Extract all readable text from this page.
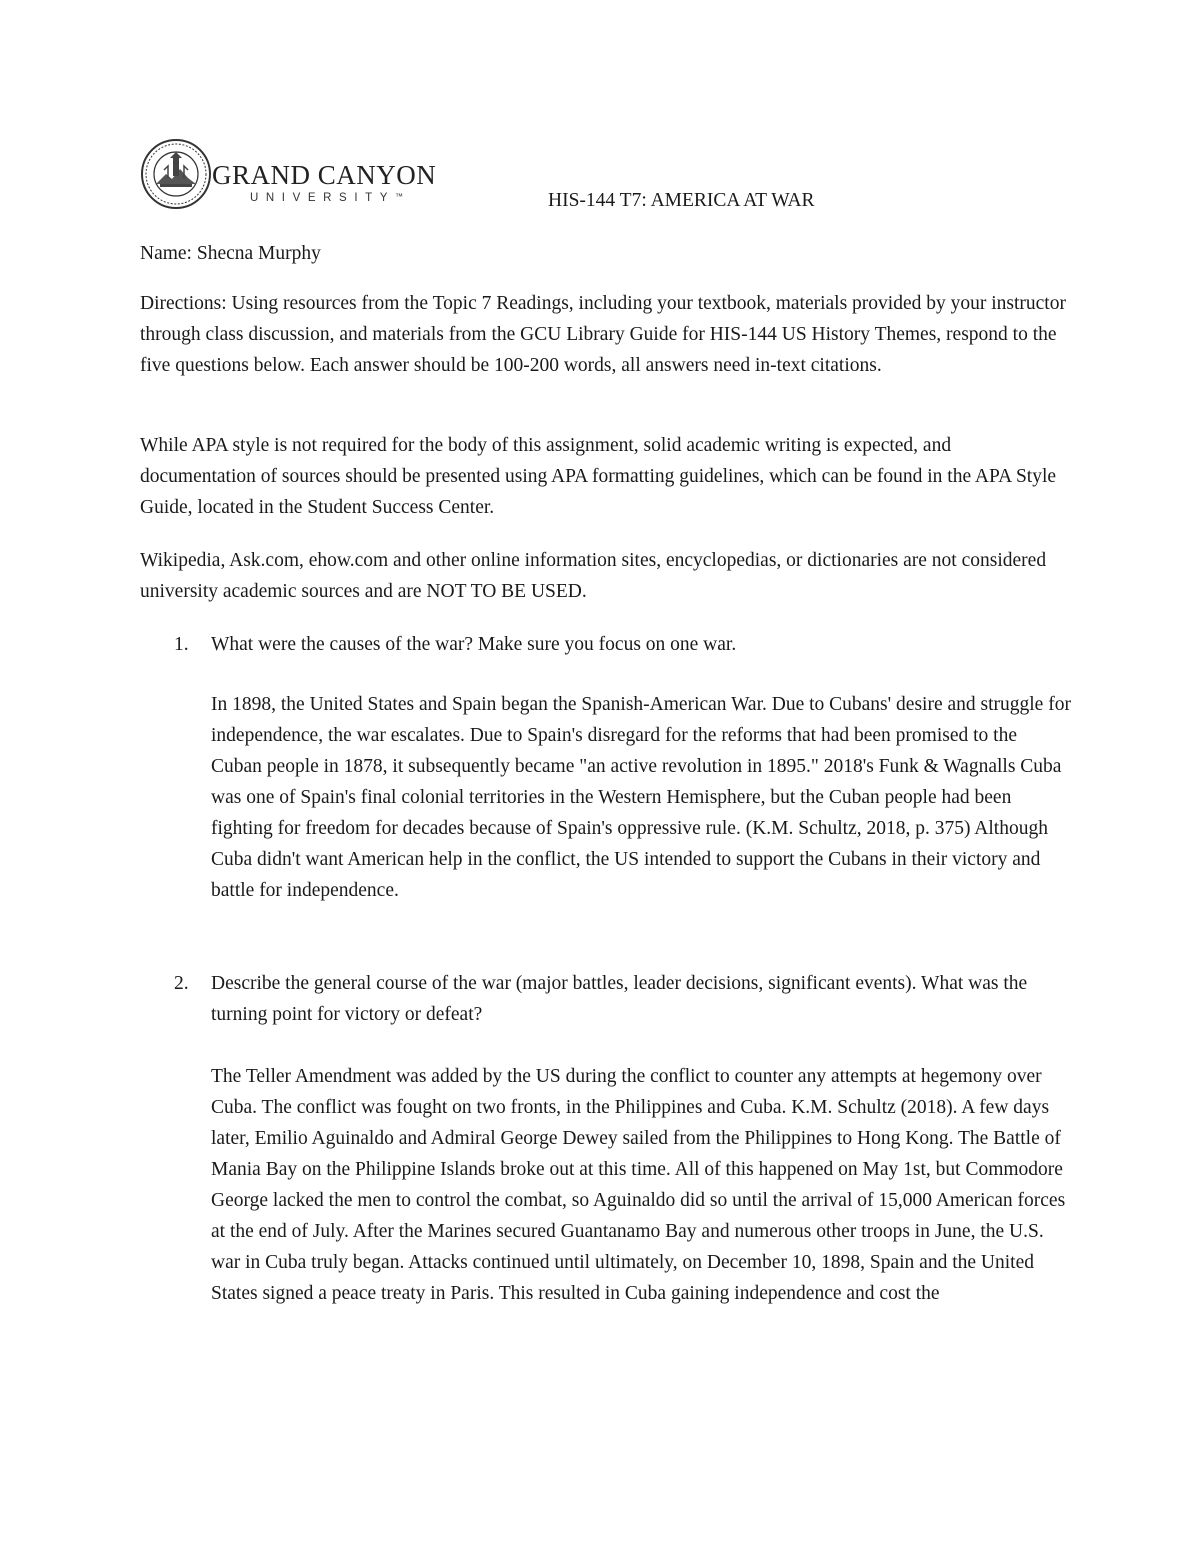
GRAND CANYON
UNIVERSITY™	HIS-144 T7: AMERICA AT WAR

Name: Shecna Murphy

Directions: Using resources from the Topic 7 Readings, including your textbook, materials provided by your instructor through class discussion, and materials from the GCU Library Guide for HIS-144 US History Themes, respond to the five questions below. Each answer should be 100-200 words, all answers need in-text citations.

While APA style is not required for the body of this assignment, solid academic writing is expected, and documentation of sources should be presented using APA formatting guidelines, which can be found in the APA Style Guide, located in the Student Success Center.

Wikipedia, Ask.com, ehow.com and other online information sites, encyclopedias, or dictionaries are not considered university academic sources and are NOT TO BE USED.

1. What were the causes of the war? Make sure you focus on one war.
In 1898, the United States and Spain began the Spanish-American War. Due to Cubans' desire and struggle for independence, the war escalates. Due to Spain's disregard for the reforms that had been promised to the Cuban people in 1878, it subsequently became "an active revolution in 1895." 2018's Funk & Wagnalls Cuba was one of Spain's final colonial territories in the Western Hemisphere, but the Cuban people had been fighting for freedom for decades because of Spain's oppressive rule. (K.M. Schultz, 2018, p. 375) Although Cuba didn't want American help in the conflict, the US intended to support the Cubans in their victory and battle for independence.
2. Describe the general course of the war (major battles, leader decisions, significant events). What was the turning point for victory or defeat?
The Teller Amendment was added by the US during the conflict to counter any attempts at hegemony over Cuba. The conflict was fought on two fronts, in the Philippines and Cuba. K.M. Schultz (2018). A few days later, Emilio Aguinaldo and Admiral George Dewey sailed from the Philippines to Hong Kong. The Battle of Mania Bay on the Philippine Islands broke out at this time. All of this happened on May 1st, but Commodore George lacked the men to control the combat, so Aguinaldo did so until the arrival of 15,000 American forces at the end of July. After the Marines secured Guantanamo Bay and numerous other troops in June, the U.S. war in Cuba truly began. Attacks continued until ultimately, on December 10, 1898, Spain and the United States signed a peace treaty in Paris. This resulted in Cuba gaining independence and cost the
